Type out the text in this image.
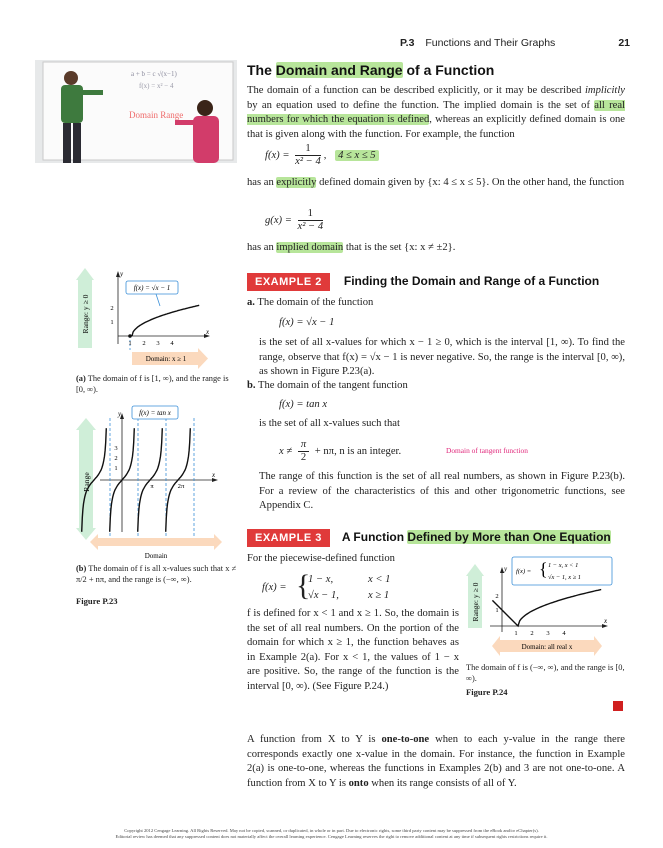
P.3 Functions and Their Graphs	21
a + b = c √(x−1)
f(x) = x² − 4
Domain Range
The Domain and Range of a Function
The domain of a function can be described explicitly, or it may be described implicitly by an equation used to define the function. The implied domain is the set of all real numbers for which the equation is defined, whereas an explicitly defined domain is one that is given along with the function. For example, the function
$f(x) = \frac{1}{\text{x² − 4}}$ , 4 ≤ x ≤ 5
has an explicitly defined domain given by {x: 4 ≤ x ≤ 5}. On the other hand, the function
$g(x) = \frac{1}{\text{x² − 4}}$
has an implied domain that is the set {x: x ≠ ±2}.
EXAMPLE 2 Finding the Domain and Range of a Function
a. The domain of the function
f(x) = √x − 1
is the set of all x-values for which x − 1 ≥ 0, which is the interval [1, ∞). To find the range, observe that f(x) = √x − 1 is never negative. So, the range is the interval [0, ∞), as shown in Figure P.23(a).
b. The domain of the tangent function
f(x) = tan x
is the set of all x-values such that
$x \ne \frac{\pi}{2} + n\pi$, n is an integer.	Domain of tangent function
The range of this function is the set of all real numbers, as shown in Figure P.23(b). For a review of the characteristics of this and other trigonometric functions, see Appendix C.
EXAMPLE 3 A Function Defined by More than One Equation
For the piecewise-defined function
f(x) = {
1 − x,	x < 1
√x − 1,	x ≥ 1
f is defined for x < 1 and x ≥ 1. So, the domain is the set of all real numbers. On the portion of the domain for which x ≥ 1, the function behaves as in Example 2(a). For x < 1, the values of 1 − x are positive. So, the range of the function is the interval [0, ∞). (See Figure P.24.)
A function from X to Y is one-to-one when to each y-value in the range there corresponds exactly one x-value in the domain. For instance, the function in Example 2(a) is one-to-one, whereas the functions in Examples 2(b) and 3 are not one-to-one. A function from X to Y is onto when its range consists of all of Y.
Range: y ≥ 0
y
x
1 2 3 4
1
2
f(x) = √x − 1
Domain: x ≥ 1
(a) The domain of f is [1, ∞), and the range is [0, ∞).
Range
y
x
π	2π
3
2
1
f(x) = tan x
Domain
(b) The domain of f is all x-values such that x ≠ π/2 + nπ, and the range is (−∞, ∞).
Figure P.23	Range: y ≥ 0
y
x
1 2 3 4
1
2
f(x) = { 1 − x, x < 1
√x − 1, x ≥ 1
Domain: all real x
The domain of f is (−∞, ∞), and the range is [0, ∞).
Figure P.24
Copyright 2012 Cengage Learning. All Rights Reserved. May not be copied, scanned, or duplicated, in whole or in part. Due to electronic rights, some third party content may be suppressed from the eBook and/or eChapter(s).
Editorial review has deemed that any suppressed content does not materially affect the overall learning experience. Cengage Learning reserves the right to remove additional content at any time if subsequent rights restrictions require it.
